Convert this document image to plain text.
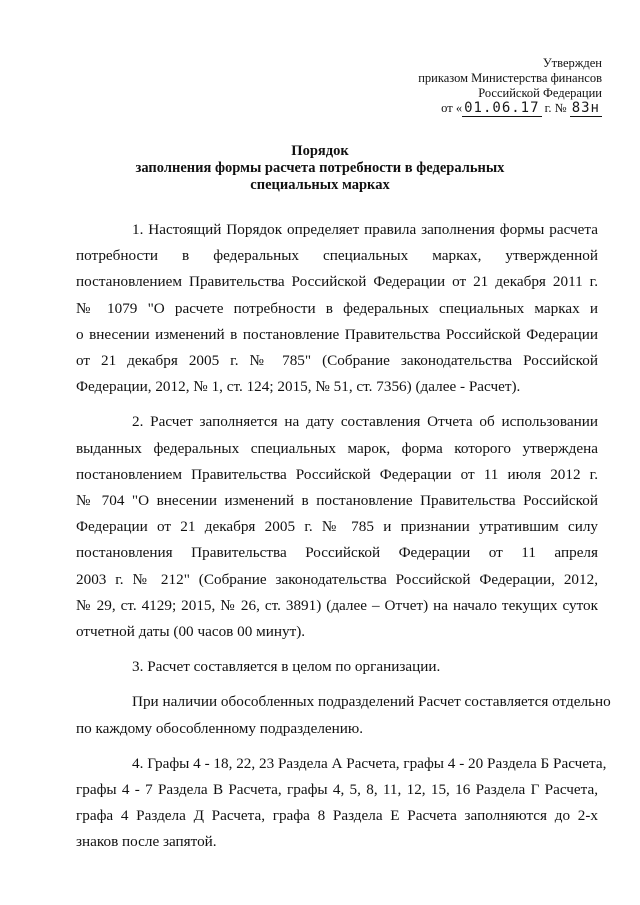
Утвержден
приказом Министерства финансов
Российской Федерации
от « 01.06.17 г. № 83н
Порядок
заполнения формы расчета потребности в федеральных
специальных марках
1. Настоящий Порядок определяет правила заполнения формы расчета
потребности в федеральных специальных марках, утвержденной
постановлением Правительства Российской Федерации от 21 декабря 2011 г.
№ 1079 "О расчете потребности в федеральных специальных марках и
о внесении изменений в постановление Правительства Российской Федерации
от 21 декабря 2005 г. № 785" (Собрание законодательства Российской
Федерации, 2012, № 1, ст. 124; 2015, № 51, ст. 7356) (далее - Расчет).
2. Расчет заполняется на дату составления Отчета об использовании
выданных федеральных специальных марок, форма которого утверждена
постановлением Правительства Российской Федерации от 11 июля 2012 г.
№ 704 "О внесении изменений в постановление Правительства Российской
Федерации от 21 декабря 2005 г. № 785 и признании утратившим силу
постановления Правительства Российской Федерации от 11 апреля
2003 г. № 212" (Собрание законодательства Российской Федерации, 2012,
№ 29, ст. 4129; 2015, № 26, ст. 3891) (далее – Отчет) на начало текущих суток
отчетной даты (00 часов 00 минут).
3. Расчет составляется в целом по организации.
При наличии обособленных подразделений Расчет составляется отдельно
по каждому обособленному подразделению.
4. Графы 4 - 18, 22, 23 Раздела А Расчета, графы 4 - 20 Раздела Б Расчета,
графы 4 - 7 Раздела В Расчета, графы 4, 5, 8, 11, 12, 15, 16 Раздела Г Расчета,
графа 4 Раздела Д Расчета, графа 8 Раздела Е Расчета заполняются до 2-х
знаков после запятой.
